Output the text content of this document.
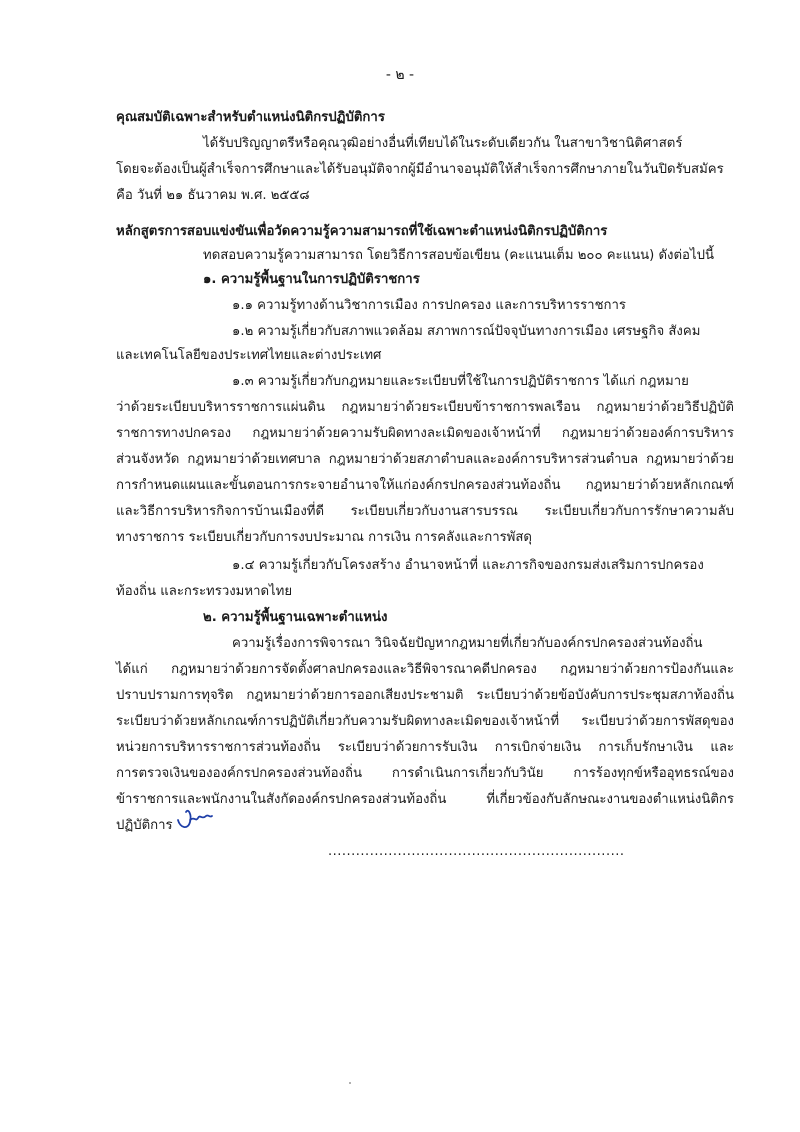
- ๒ -
คุณสมบัติเฉพาะสำหรับตำแหน่งนิติกรปฏิบัติการ
ได้รับปริญญาตรีหรือคุณวุฒิอย่างอื่นที่เทียบได้ในระดับเดียวกัน ในสาขาวิชานิติศาสตร์
โดยจะต้องเป็นผู้สำเร็จการศึกษาและได้รับอนุมัติจากผู้มีอำนาจอนุมัติให้สำเร็จการศึกษาภายในวันปิดรับสมัคร
คือ วันที่ ๒๑ ธันวาคม พ.ศ. ๒๕๕๘
หลักสูตรการสอบแข่งขันเพื่อวัดความรู้ความสามารถที่ใช้เฉพาะตำแหน่งนิติกรปฏิบัติการ
ทดสอบความรู้ความสามารถ โดยวิธีการสอบข้อเขียน (คะแนนเต็ม ๒๐๐ คะแนน) ดังต่อไปนี้
๑. ความรู้พื้นฐานในการปฏิบัติราชการ
๑.๑ ความรู้ทางด้านวิชาการเมือง การปกครอง และการบริหารราชการ
๑.๒ ความรู้เกี่ยวกับสภาพแวดล้อม สภาพการณ์ปัจจุบันทางการเมือง เศรษฐกิจ สังคม
และเทคโนโลยีของประเทศไทยและต่างประเทศ
๑.๓ ความรู้เกี่ยวกับกฎหมายและระเบียบที่ใช้ในการปฏิบัติราชการ ได้แก่ กฎหมาย
ว่าด้วยระเบียบบริหารราชการแผ่นดิน กฎหมายว่าด้วยระเบียบข้าราชการพลเรือน กฎหมายว่าด้วยวิธีปฏิบัติ
ราชการทางปกครอง กฎหมายว่าด้วยความรับผิดทางละเมิดของเจ้าหน้าที่ กฎหมายว่าด้วยองค์การบริหาร
ส่วนจังหวัด กฎหมายว่าด้วยเทศบาล กฎหมายว่าด้วยสภาตำบลและองค์การบริหารส่วนตำบล กฎหมายว่าด้วย
การกำหนดแผนและขั้นตอนการกระจายอำนาจให้แก่องค์กรปกครองส่วนท้องถิ่น กฎหมายว่าด้วยหลักเกณฑ์
และวิธีการบริหารกิจการบ้านเมืองที่ดี ระเบียบเกี่ยวกับงานสารบรรณ ระเบียบเกี่ยวกับการรักษาความลับ
ทางราชการ ระเบียบเกี่ยวกับการงบประมาณ การเงิน การคลังและการพัสดุ
๑.๔ ความรู้เกี่ยวกับโครงสร้าง อำนาจหน้าที่ และภารกิจของกรมส่งเสริมการปกครอง
ท้องถิ่น และกระทรวงมหาดไทย
๒. ความรู้พื้นฐานเฉพาะตำแหน่ง
ความรู้เรื่องการพิจารณา วินิจฉัยปัญหากฎหมายที่เกี่ยวกับองค์กรปกครองส่วนท้องถิ่น
ได้แก่ กฎหมายว่าด้วยการจัดตั้งศาลปกครองและวิธีพิจารณาคดีปกครอง กฎหมายว่าด้วยการป้องกันและ
ปราบปรามการทุจริต กฎหมายว่าด้วยการออกเสียงประชามติ ระเบียบว่าด้วยข้อบังคับการประชุมสภาท้องถิ่น
ระเบียบว่าด้วยหลักเกณฑ์การปฏิบัติเกี่ยวกับความรับผิดทางละเมิดของเจ้าหน้าที่ ระเบียบว่าด้วยการพัสดุของ
หน่วยการบริหารราชการส่วนท้องถิ่น ระเบียบว่าด้วยการรับเงิน การเบิกจ่ายเงิน การเก็บรักษาเงิน และ
การตรวจเงินขององค์กรปกครองส่วนท้องถิ่น การดำเนินการเกี่ยวกับวินัย การร้องทุกข์หรืออุทธรณ์ของ
ข้าราชการและพนักงานในสังกัดองค์กรปกครองส่วนท้องถิ่น ที่เกี่ยวข้องกับลักษณะงานของตำแหน่งนิติกร
ปฏิบัติการ
................................................................
